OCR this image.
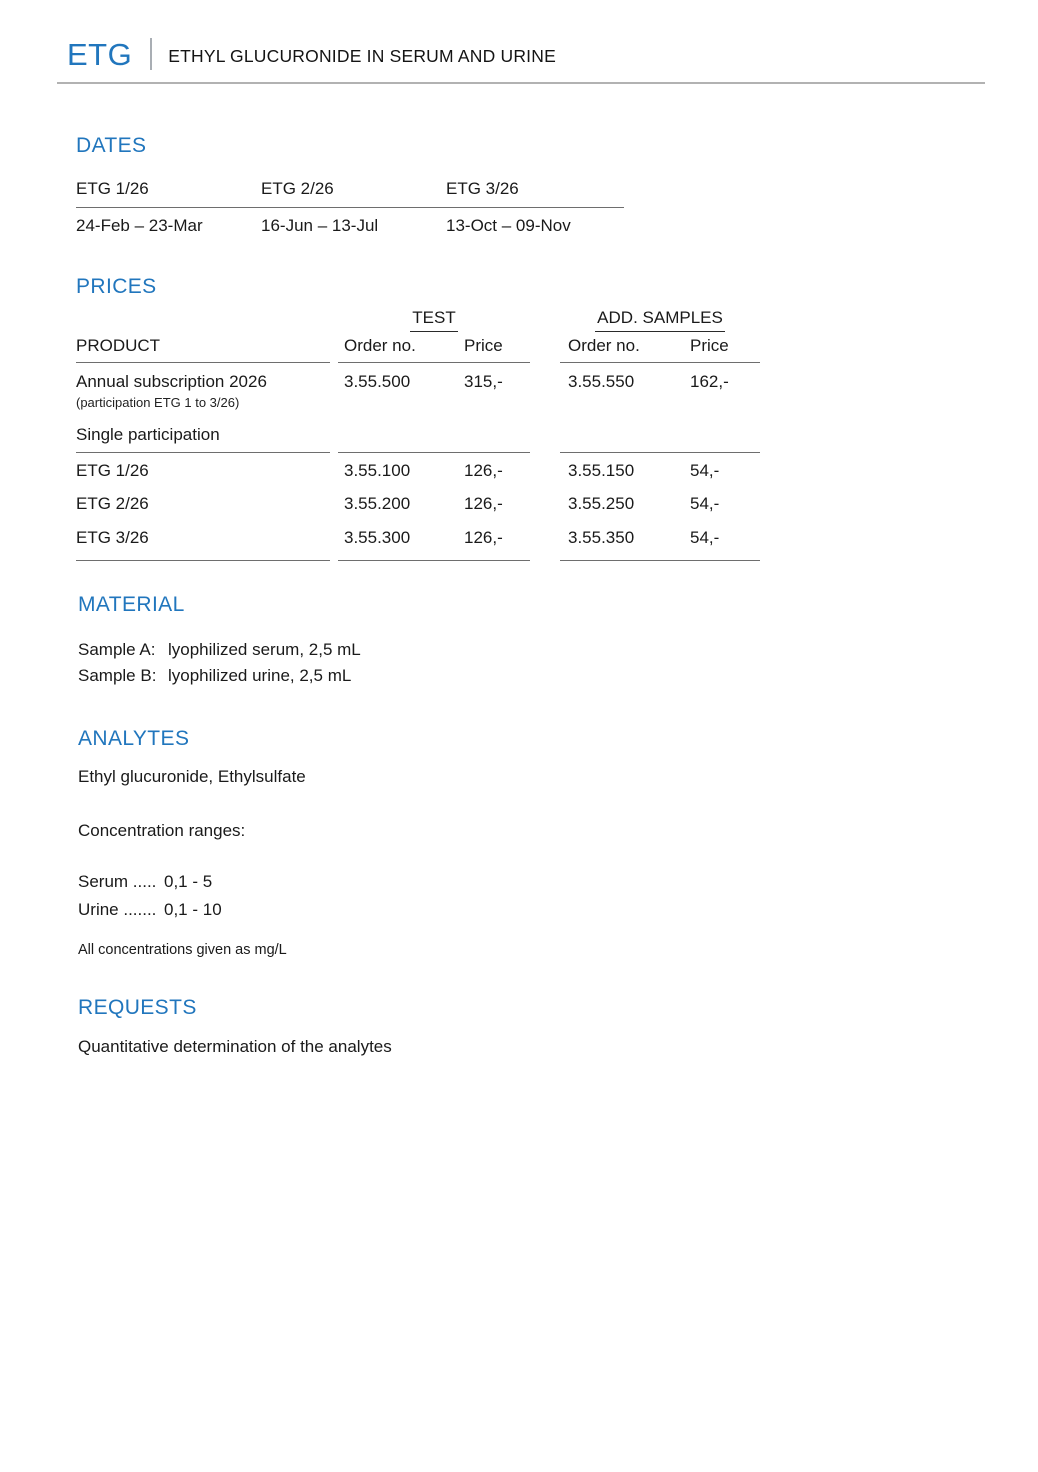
ETG ETHYL GLUCURONIDE IN SERUM AND URINE
DATES
ETG 1/26	ETG 2/26	ETG 3/26
24-Feb – 23-Mar	16-Jun – 13-Jul	13-Oct – 09-Nov
PRICES
TEST	ADD. SAMPLES
PRODUCT	Order no.	Price	Order no.	Price
Annual subscription 2026	3.55.500	315,-	3.55.550	162,-
(participation ETG 1 to 3/26)
Single participation
ETG 1/26	3.55.100	126,-	3.55.150	54,-
ETG 2/26	3.55.200	126,-	3.55.250	54,-
ETG 3/26	3.55.300	126,-	3.55.350	54,-
MATERIAL
Sample A: lyophilized serum, 2,5 mL
Sample B: lyophilized urine, 2,5 mL
ANALYTES
Ethyl glucuronide, Ethylsulfate
Concentration ranges:
Serum ..... 0,1 - 5
Urine ....... 0,1 - 10
All concentrations given as mg/L
REQUESTS
Quantitative determination of the analytes
